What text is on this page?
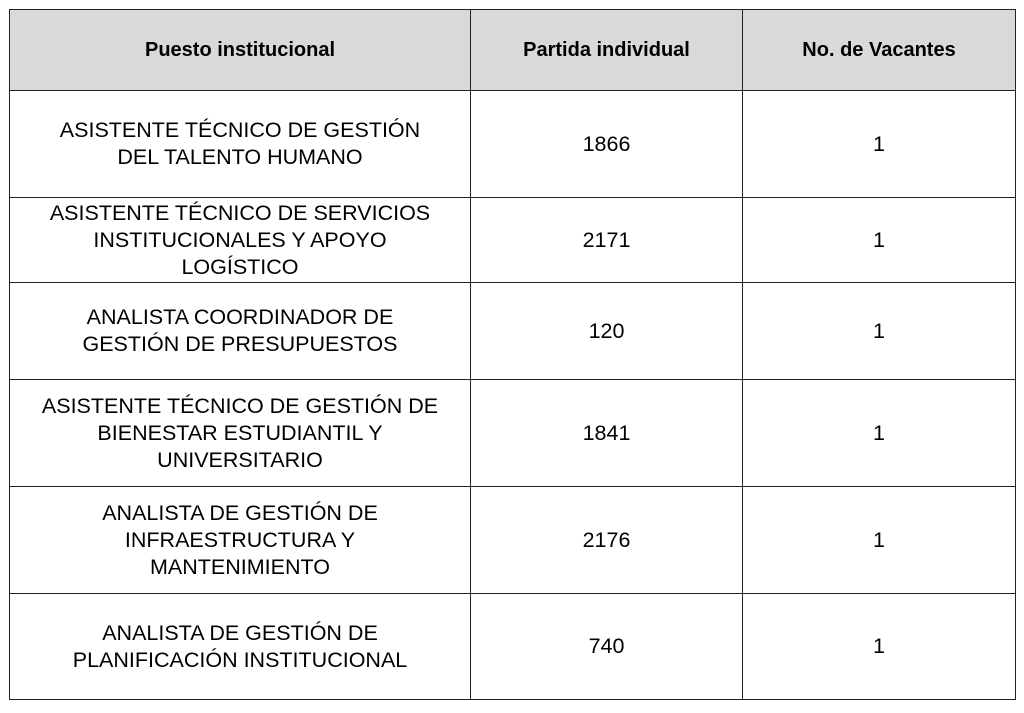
Puesto institucional	Partida individual	No. de Vacantes
ASISTENTE TÉCNICO DE GESTIÓN
DEL TALENTO HUMANO	1866	1
ASISTENTE TÉCNICO DE SERVICIOS
INSTITUCIONALES Y APOYO
LOGÍSTICO	2171	1
ANALISTA COORDINADOR DE
GESTIÓN DE PRESUPUESTOS	120	1
ASISTENTE TÉCNICO DE GESTIÓN DE
BIENESTAR ESTUDIANTIL Y
UNIVERSITARIO	1841	1
ANALISTA DE GESTIÓN DE
INFRAESTRUCTURA Y
MANTENIMIENTO	2176	1
ANALISTA DE GESTIÓN DE
PLANIFICACIÓN INSTITUCIONAL	740	1
